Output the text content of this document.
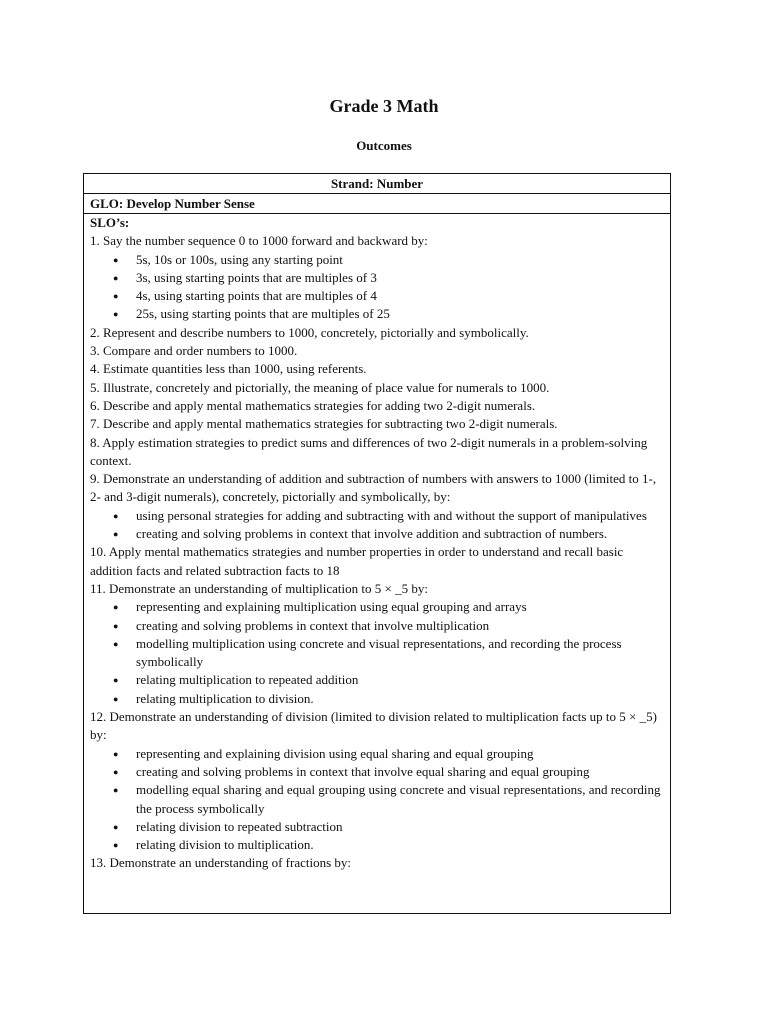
Grade 3 Math
Outcomes
Strand: Number
GLO: Develop Number Sense
SLO’s:
1. Say the number sequence 0 to 1000 forward and backward by:
● 5s, 10s or 100s, using any starting point
● 3s, using starting points that are multiples of 3
● 4s, using starting points that are multiples of 4
● 25s, using starting points that are multiples of 25
2. Represent and describe numbers to 1000, concretely, pictorially and symbolically.
3. Compare and order numbers to 1000.
4. Estimate quantities less than 1000, using referents.
5. Illustrate, concretely and pictorially, the meaning of place value for numerals to 1000.
6. Describe and apply mental mathematics strategies for adding two 2-digit numerals.
7. Describe and apply mental mathematics strategies for subtracting two 2-digit numerals.
8. Apply estimation strategies to predict sums and differences of two 2-digit numerals in a problem-solving context.
9. Demonstrate an understanding of addition and subtraction of numbers with answers to 1000 (limited to 1-, 2- and 3-digit numerals), concretely, pictorially and symbolically, by:
● using personal strategies for adding and subtracting with and without the support of manipulatives
● creating and solving problems in context that involve addition and subtraction of numbers.
10. Apply mental mathematics strategies and number properties in order to understand and recall basic addition facts and related subtraction facts to 18
11. Demonstrate an understanding of multiplication to 5 × _5 by:
● representing and explaining multiplication using equal grouping and arrays
● creating and solving problems in context that involve multiplication
● modelling multiplication using concrete and visual representations, and recording the process symbolically
● relating multiplication to repeated addition
● relating multiplication to division.
12. Demonstrate an understanding of division (limited to division related to multiplication facts up to 5 × _5) by:
● representing and explaining division using equal sharing and equal grouping
● creating and solving problems in context that involve equal sharing and equal grouping
● modelling equal sharing and equal grouping using concrete and visual representations, and recording the process symbolically
● relating division to repeated subtraction
● relating division to multiplication.
13. Demonstrate an understanding of fractions by:
